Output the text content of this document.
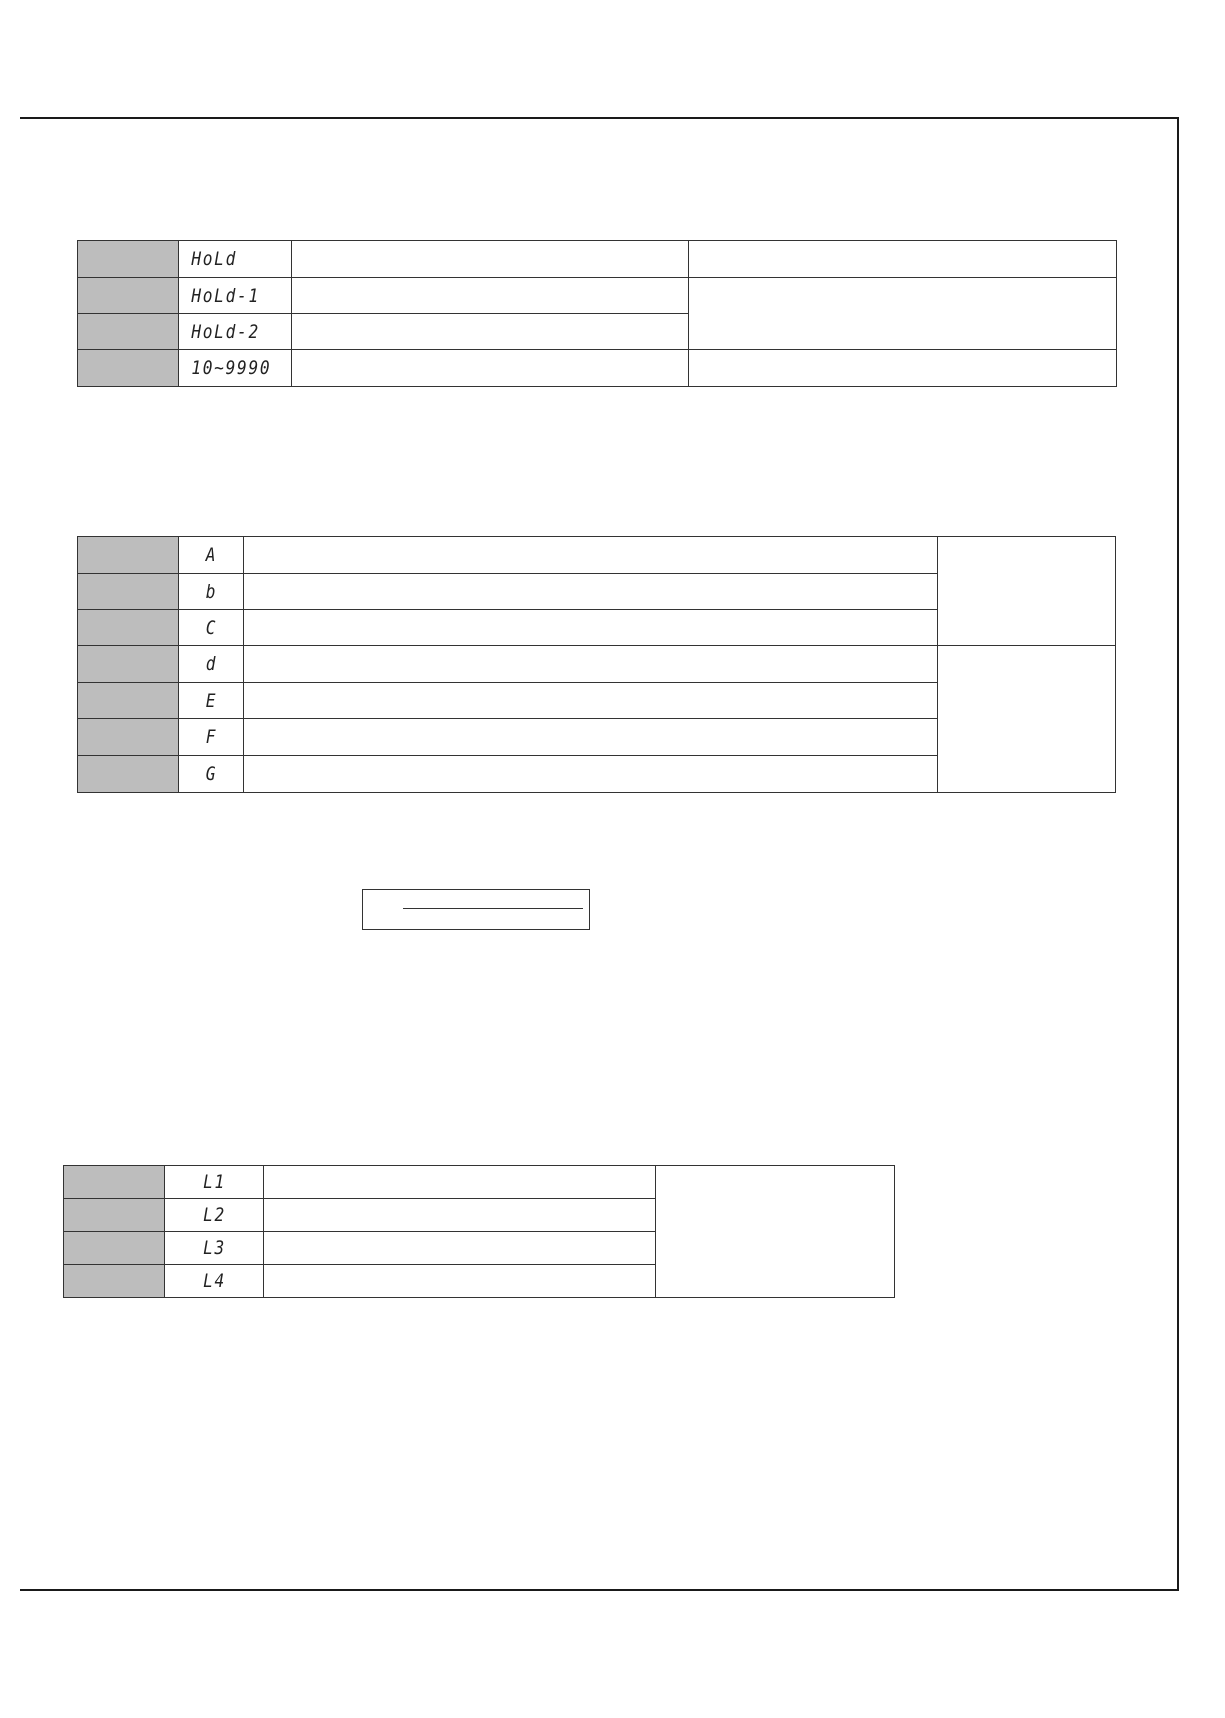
	HoLd		
	HoLd-1		
	HoLd-2		
	10~9990		
	A		
	b		
	C		
	d		
	E		
	F		
	G		
	L1		
	L2		
	L3		
	L4		
